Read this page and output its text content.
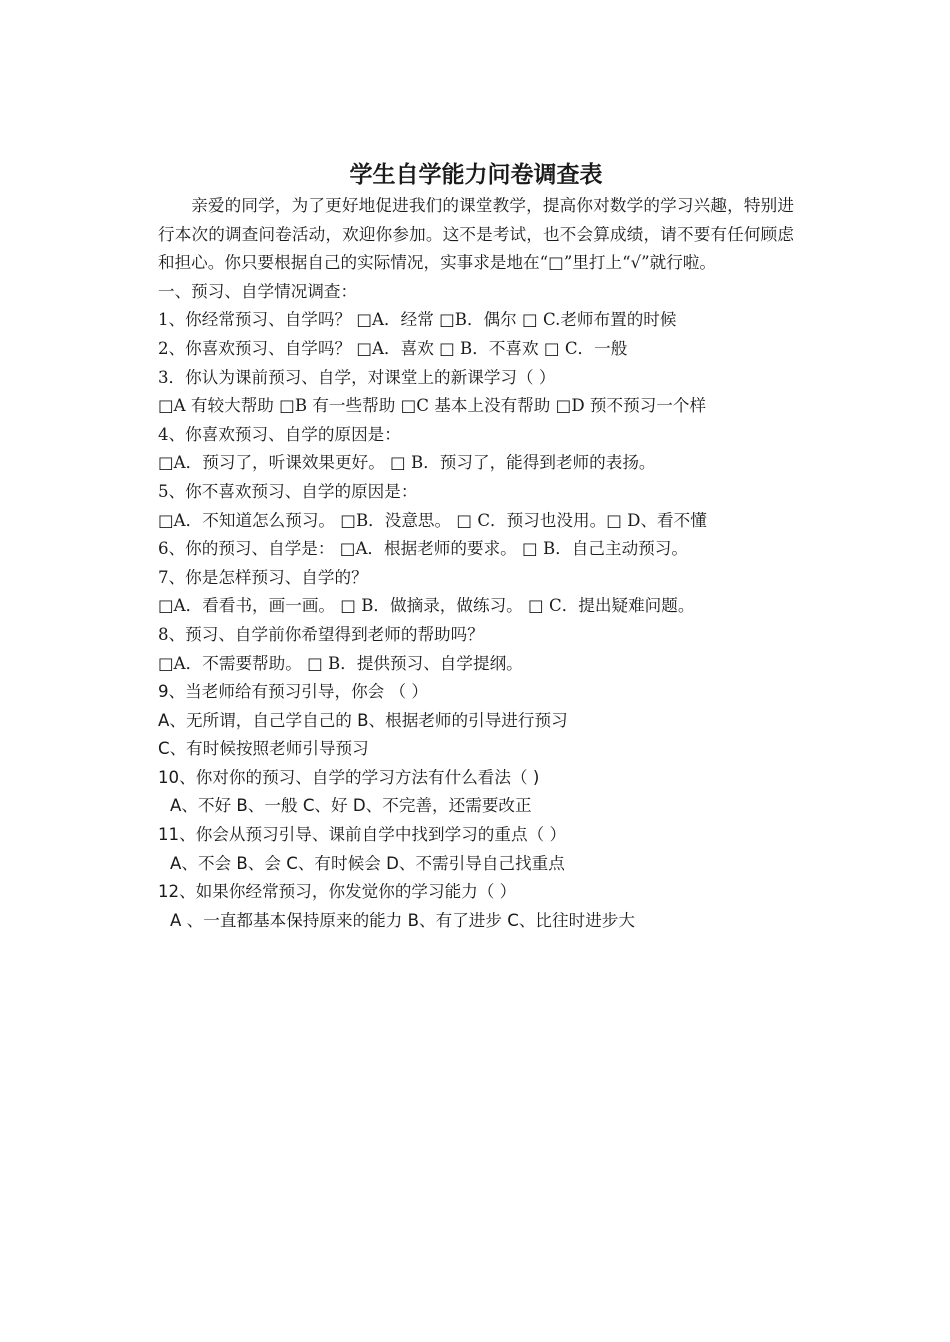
学生自学能力问卷调查表

亲爱的同学，为了更好地促进我们的课堂教学，提高你对数学的学习兴趣，特别进行本次的调查问卷活动，欢迎你参加。这不是考试，也不会算成绩，请不要有任何顾虑和担心。你只要根据自己的实际情况，实事求是地在“□”里打上“√”就行啦。

一、预习、自学情况调查：
1、你经常预习、自学吗？ □A．经常 □B．偶尔 □ C.老师布置的时候
2、你喜欢预习、自学吗？ □A．喜欢 □ B．不喜欢 □ C．一般
3．你认为课前预习、自学，对课堂上的新课学习（ ）
□A 有较大帮助 □B 有一些帮助 □C 基本上没有帮助 □D 预不预习一个样
4、你喜欢预习、自学的原因是：
□A．预习了，听课效果更好。 □ B．预习了，能得到老师的表扬。
5、你不喜欢预习、自学的原因是：
□A．不知道怎么预习。 □B．没意思。 □ C．预习也没用。□ D、看不懂
6、你的预习、自学是： □A．根据老师的要求。 □ B．自己主动预习。
7、你是怎样预习、自学的？
□A．看看书，画一画。 □ B．做摘录，做练习。 □ C．提出疑难问题。
8、预习、自学前你希望得到老师的帮助吗？
□A．不需要帮助。 □ B．提供预习、自学提纲。
9、当老师给有预习引导，你会 （ ）
A、无所谓，自己学自己的 B、根据老师的引导进行预习
C、有时候按照老师引导预习
10、你对你的预习、自学的学习方法有什么看法（ )
A、不好 B、一般 C、好 D、不完善，还需要改正
11、你会从预习引导、课前自学中找到学习的重点（ ）
A、不会 B、会 C、有时候会 D、不需引导自己找重点
12、如果你经常预习，你发觉你的学习能力（ ）
A 、一直都基本保持原来的能力 B、有了进步 C、比往时进步大
